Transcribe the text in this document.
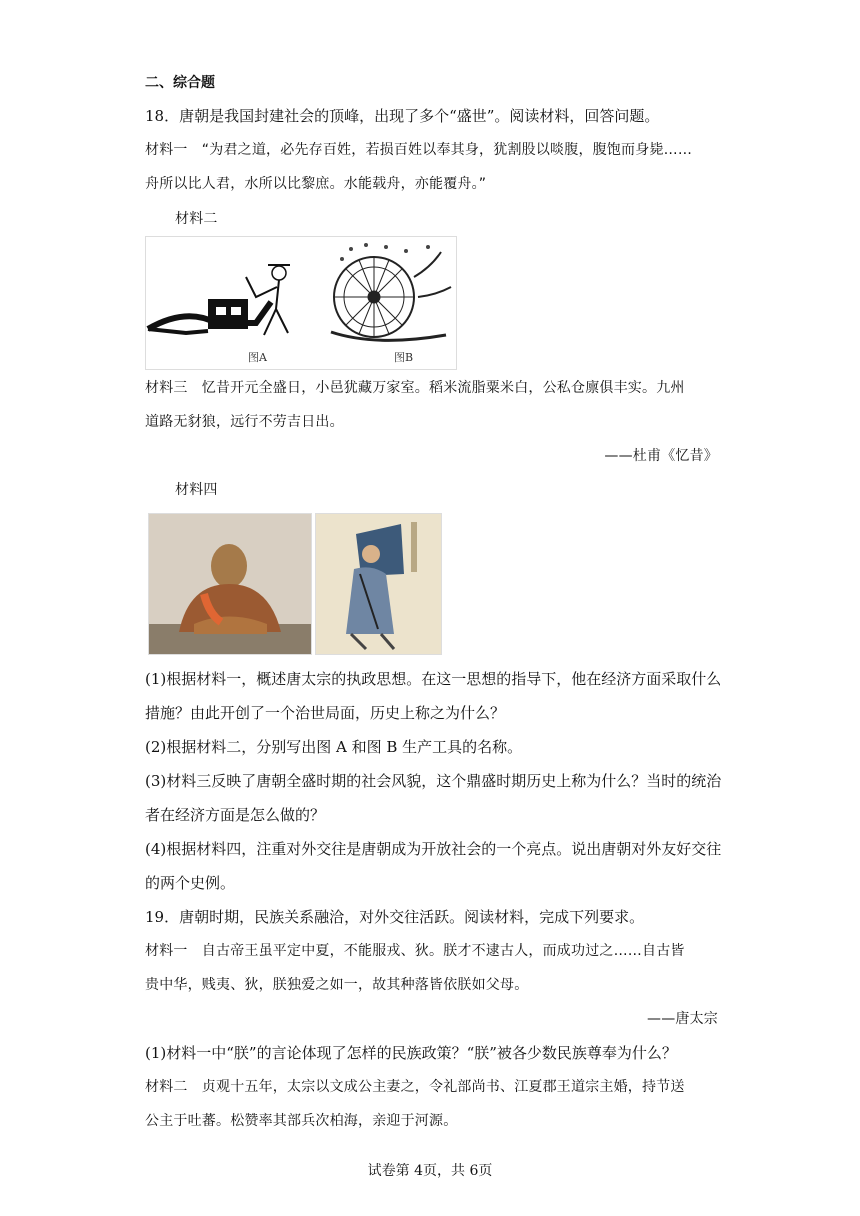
二、综合题
18．唐朝是我国封建社会的顶峰，出现了多个“盛世”。阅读材料，回答问题。
材料一　“为君之道，必先存百姓，若损百姓以奉其身，犹割股以啖腹，腹饱而身毙……
舟所以比人君，水所以比黎庶。水能载舟，亦能覆舟。”
材料二
图A	图B
材料三　忆昔开元全盛日，小邑犹藏万家室。稻米流脂粟米白，公私仓廪俱丰实。九州
道路无豺狼，远行不劳吉日出。
——杜甫《忆昔》
材料四
(1)根据材料一，概述唐太宗的执政思想。在这一思想的指导下，他在经济方面采取什么
措施？由此开创了一个治世局面，历史上称之为什么？
(2)根据材料二，分别写出图 A 和图 B 生产工具的名称。
(3)材料三反映了唐朝全盛时期的社会风貌，这个鼎盛时期历史上称为什么？当时的统治
者在经济方面是怎么做的？
(4)根据材料四，注重对外交往是唐朝成为开放社会的一个亮点。说出唐朝对外友好交往
的两个史例。
19．唐朝时期，民族关系融洽，对外交往活跃。阅读材料，完成下列要求。
材料一　自古帝王虽平定中夏，不能服戎、狄。朕才不逮古人，而成功过之……自古皆
贵中华，贱夷、狄，朕独爱之如一，故其种落皆依朕如父母。
——唐太宗
(1)材料一中“朕”的言论体现了怎样的民族政策？“朕”被各少数民族尊奉为什么？
材料二　贞观十五年，太宗以文成公主妻之，令礼部尚书、江夏郡王道宗主婚，持节送
公主于吐蕃。松赞率其部兵次柏海，亲迎于河源。
试卷第 4页，共 6页
